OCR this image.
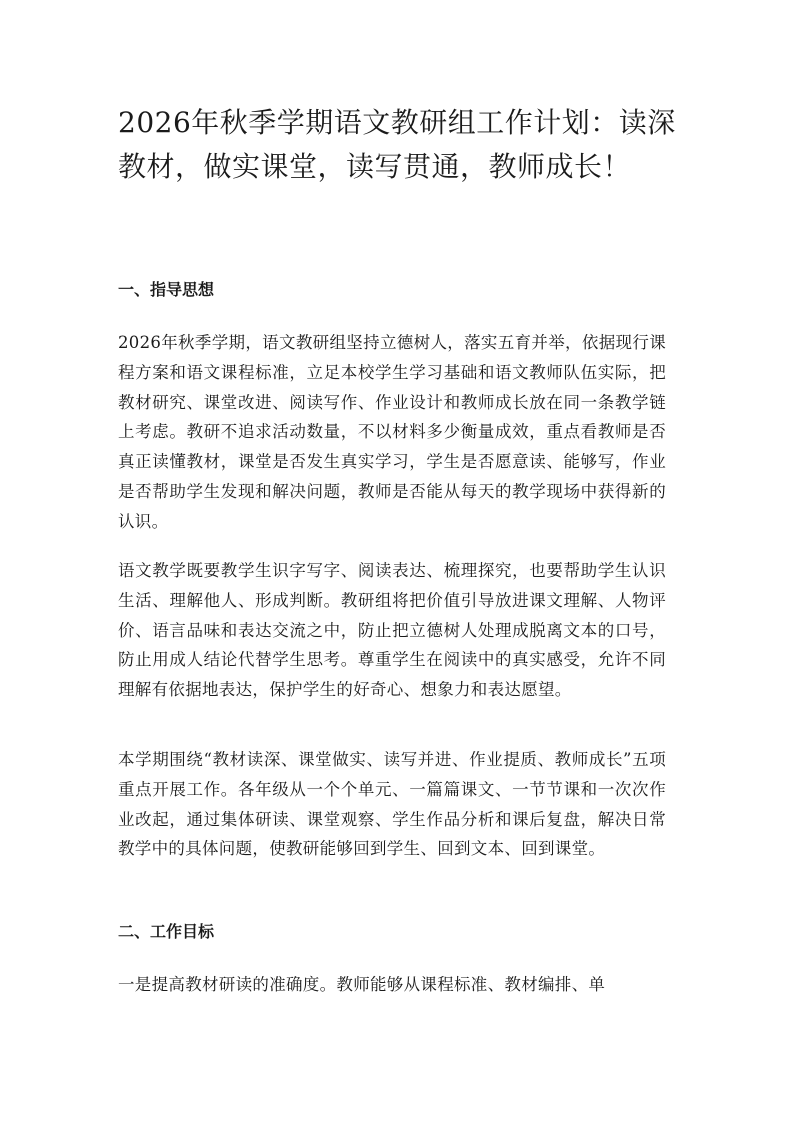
2026年秋季学期语文教研组工作计划：读深教材，做实课堂，读写贯通，教师成长！
一、指导思想

2026年秋季学期，语文教研组坚持立德树人，落实五育并举，依据现行课程方案和语文课程标准，立足本校学生学习基础和语文教师队伍实际，把教材研究、课堂改进、阅读写作、作业设计和教师成长放在同一条教学链上考虑。教研不追求活动数量，不以材料多少衡量成效，重点看教师是否真正读懂教材，课堂是否发生真实学习，学生是否愿意读、能够写，作业是否帮助学生发现和解决问题，教师是否能从每天的教学现场中获得新的认识。

语文教学既要教学生识字写字、阅读表达、梳理探究，也要帮助学生认识生活、理解他人、形成判断。教研组将把价值引导放进课文理解、人物评价、语言品味和表达交流之中，防止把立德树人处理成脱离文本的口号，防止用成人结论代替学生思考。尊重学生在阅读中的真实感受，允许不同理解有依据地表达，保护学生的好奇心、想象力和表达愿望。

本学期围绕“教材读深、课堂做实、读写并进、作业提质、教师成长”五项重点开展工作。各年级从一个个单元、一篇篇课文、一节节课和一次次作业改起，通过集体研读、课堂观察、学生作品分析和课后复盘，解决日常教学中的具体问题，使教研能够回到学生、回到文本、回到课堂。

二、工作目标

一是提高教材研读的准确度。教师能够从课程标准、教材编排、单
